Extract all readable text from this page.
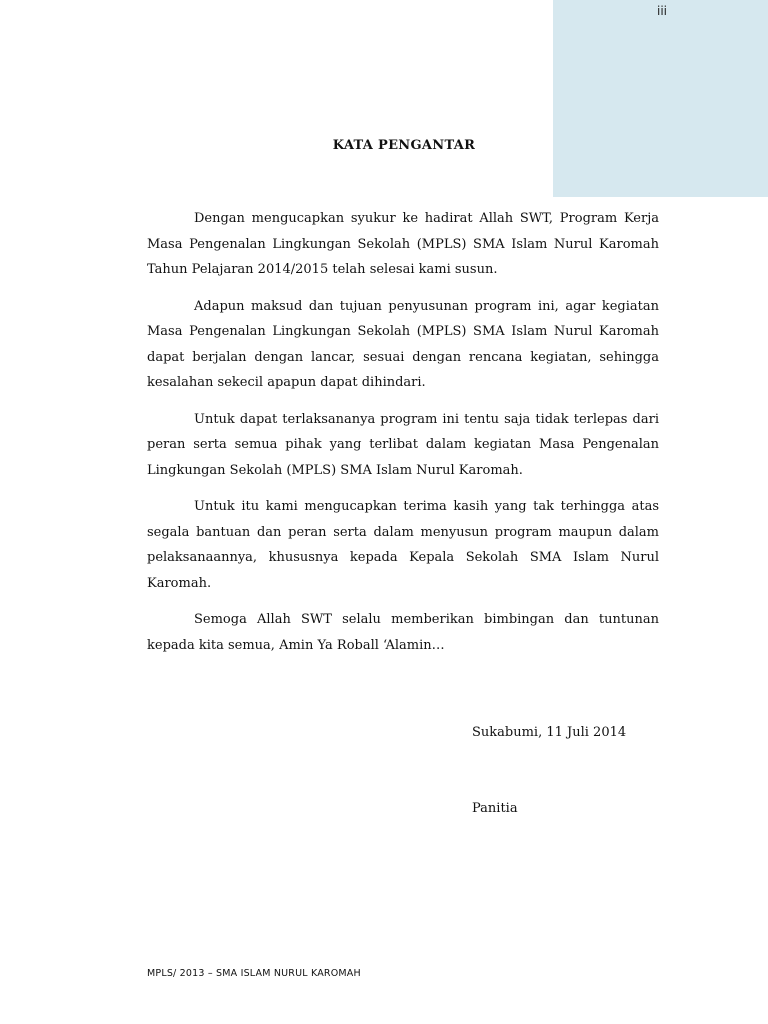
iii
KATA PENGANTAR

Dengan mengucapkan syukur ke hadirat Allah SWT, Program Kerja Masa Pengenalan Lingkungan Sekolah (MPLS) SMA Islam Nurul Karomah Tahun Pelajaran 2014/2015 telah selesai kami susun.

Adapun maksud dan tujuan penyusunan program ini, agar kegiatan Masa Pengenalan Lingkungan Sekolah (MPLS) SMA Islam Nurul Karomah dapat berjalan dengan lancar, sesuai dengan rencana kegiatan, sehingga kesalahan sekecil apapun dapat dihindari.

Untuk dapat terlaksananya program ini tentu saja tidak terlepas dari peran serta semua pihak yang terlibat dalam kegiatan Masa Pengenalan Lingkungan Sekolah (MPLS) SMA Islam Nurul Karomah.

Untuk itu kami mengucapkan terima kasih yang tak terhingga atas segala bantuan dan peran serta dalam menyusun program maupun dalam pelaksanaannya, khususnya kepada Kepala Sekolah SMA Islam Nurul Karomah.

Semoga Allah SWT selalu memberikan bimbingan dan tuntunan kepada kita semua, Amin Ya Roball ‘Alamin…

Sukabumi, 11 Juli 2014
Panitia
MPLS/ 2013 – SMA ISLAM NURUL KAROMAH
